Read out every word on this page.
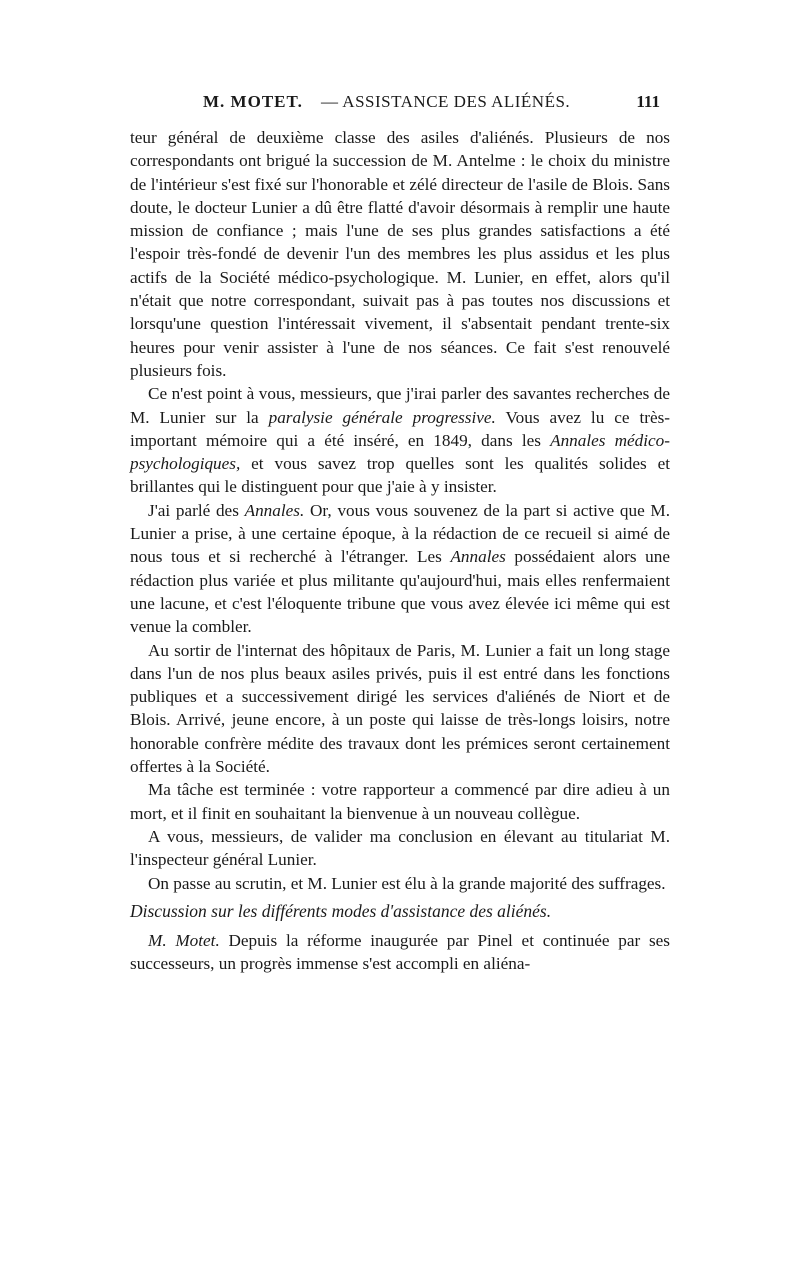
M. MOTET. — ASSISTANCE DES ALIÉNÉS.	111

teur général de deuxième classe des asiles d'aliénés. Plusieurs de nos correspondants ont brigué la succession de M. Antelme : le choix du ministre de l'intérieur s'est fixé sur l'honorable et zélé directeur de l'asile de Blois. Sans doute, le docteur Lunier a dû être flatté d'avoir désormais à remplir une haute mission de confiance ; mais l'une de ses plus grandes satisfactions a été l'espoir très-fondé de devenir l'un des membres les plus assidus et les plus actifs de la Société médico-psychologique. M. Lunier, en effet, alors qu'il n'était que notre correspondant, suivait pas à pas toutes nos discussions et lorsqu'une question l'intéressait vivement, il s'absentait pendant trente-six heures pour venir assister à l'une de nos séances. Ce fait s'est renouvelé plusieurs fois.

Ce n'est point à vous, messieurs, que j'irai parler des savantes recherches de M. Lunier sur la paralysie générale progressive. Vous avez lu ce très-important mémoire qui a été inséré, en 1849, dans les Annales médico-psychologiques, et vous savez trop quelles sont les qualités solides et brillantes qui le distinguent pour que j'aie à y insister.

J'ai parlé des Annales. Or, vous vous souvenez de la part si active que M. Lunier a prise, à une certaine époque, à la rédaction de ce recueil si aimé de nous tous et si recherché à l'étranger. Les Annales possédaient alors une rédaction plus variée et plus militante qu'aujourd'hui, mais elles renfermaient une lacune, et c'est l'éloquente tribune que vous avez élevée ici même qui est venue la combler.

Au sortir de l'internat des hôpitaux de Paris, M. Lunier a fait un long stage dans l'un de nos plus beaux asiles privés, puis il est entré dans les fonctions publiques et a successivement dirigé les services d'aliénés de Niort et de Blois. Arrivé, jeune encore, à un poste qui laisse de très-longs loisirs, notre honorable confrère médite des travaux dont les prémices seront certainement offertes à la Société.

Ma tâche est terminée : votre rapporteur a commencé par dire adieu à un mort, et il finit en souhaitant la bienvenue à un nouveau collègue.

A vous, messieurs, de valider ma conclusion en élevant au titulariat M. l'inspecteur général Lunier.

On passe au scrutin, et M. Lunier est élu à la grande majorité des suffrages.

Discussion sur les différents modes d'assistance des aliénés.

M. Motet. Depuis la réforme inaugurée par Pinel et continuée par ses successeurs, un progrès immense s'est accompli en aliéna-
